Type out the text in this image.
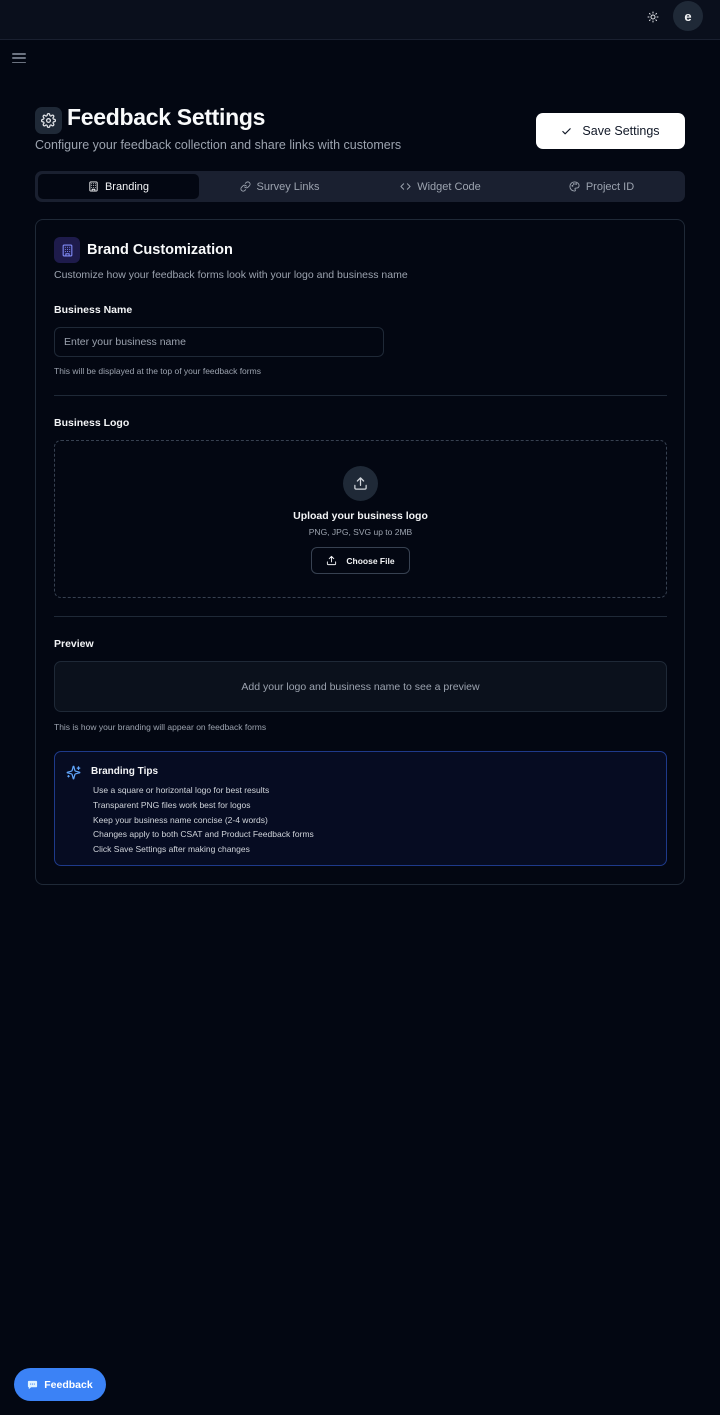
e
Feedback Settings

Configure your feedback collection and share links with customers

Save Settings
Branding	Survey Links	Widget Code	Project ID
Brand Customization

Customize how your feedback forms look with your logo and business name

Business Name
Enter your business name

This will be displayed at the top of your feedback forms

Business Logo
Upload your business logo
PNG, JPG, SVG up to 2MB
Choose File
Preview
Add your logo and business name to see a preview

This is how your branding will appear on feedback forms

Branding Tips
Use a square or horizontal logo for best results
Transparent PNG files work best for logos
Keep your business name concise (2-4 words)
Changes apply to both CSAT and Product Feedback forms
Click Save Settings after making changes
Feedback
